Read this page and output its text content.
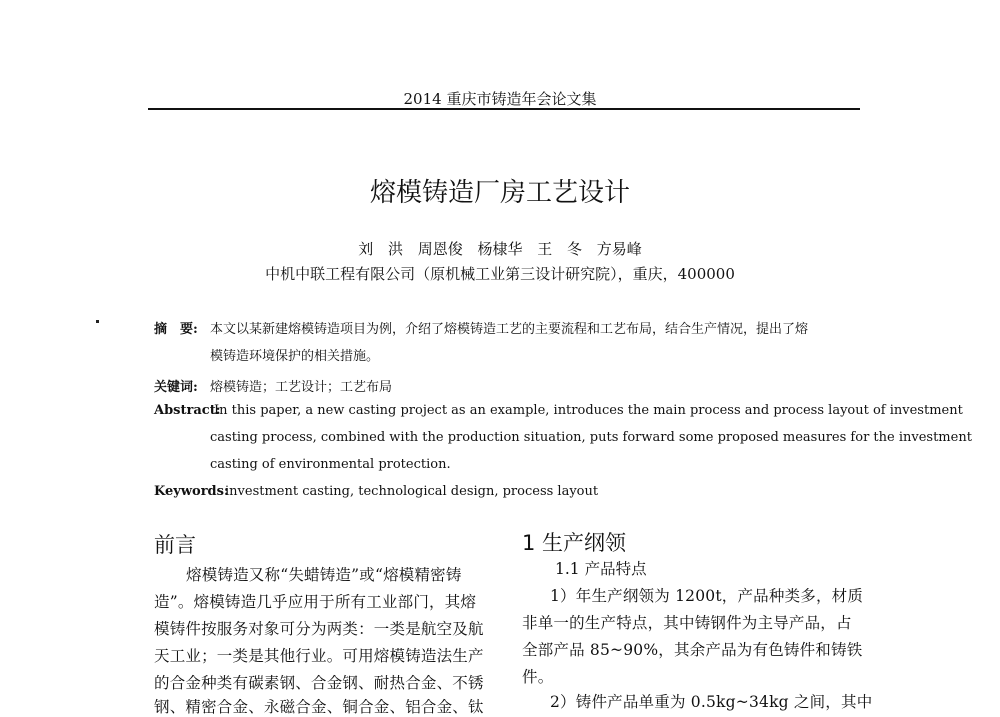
2014 重庆市铸造年会论文集
熔模铸造厂房工艺设计
刘 洪 周恩俊 杨棣华 王 冬 方易峰
中机中联工程有限公司（原机械工业第三设计研究院），重庆，400000
摘　要: 本文以某新建熔模铸造项目为例，介绍了熔模铸造工艺的主要流程和工艺布局，结合生产情况，提出了熔
模铸造环境保护的相关措施。
关键词: 熔模铸造；工艺设计；工艺布局
Abstract:
In this paper, a new casting project as an example, introduces the main process and process layout of investment
casting process, combined with the production situation, puts forward some proposed measures for the investment
casting of environmental protection.
Keywords:
investment casting, technological design, process layout
前言
熔模铸造又称“失蜡铸造”或“熔模精密铸
造”。熔模铸造几乎应用于所有工业部门，其熔
模铸件按服务对象可分为两类：一类是航空及航
天工业；一类是其他行业。可用熔模铸造法生产
的合金种类有碳素钢、合金钢、耐热合金、不锈
钢、精密合金、永磁合金、铜合金、铝合金、钛
1 生产纲领
1.1 产品特点
1）年生产纲领为 1200t，产品种类多，材质
非单一的生产特点，其中铸钢件为主导产品，占
全部产品 85~90%，其余产品为有色铸件和铸铁
件。
2）铸件产品单重为 0.5kg~34kg 之间，其中
